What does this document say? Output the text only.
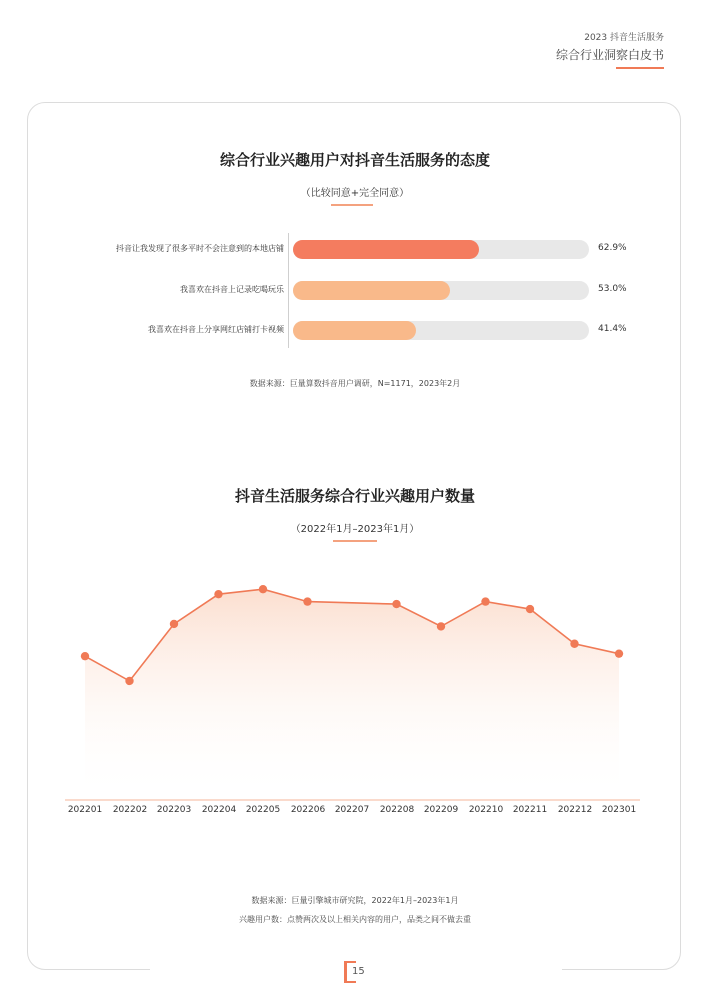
2023 抖音生活服务
综合行业洞察白皮书
综合行业兴趣用户对抖音生活服务的态度
（比较同意+完全同意）
抖音让我发现了很多平时不会注意到的本地店铺	62.9%
我喜欢在抖音上记录吃喝玩乐	53.0%
我喜欢在抖音上分享网红店铺打卡视频	41.4%
数据来源：巨量算数抖音用户调研，N=1171，2023年2月
抖音生活服务综合行业兴趣用户数量
（2022年1月–2023年1月）
202201 202202 202203 202204 202205 202206 202207 202208 202209 202210 202211 202212 202301
数据来源：巨量引擎城市研究院，2022年1月–2023年1月
兴趣用户数：点赞两次及以上相关内容的用户，品类之间不做去重
15
